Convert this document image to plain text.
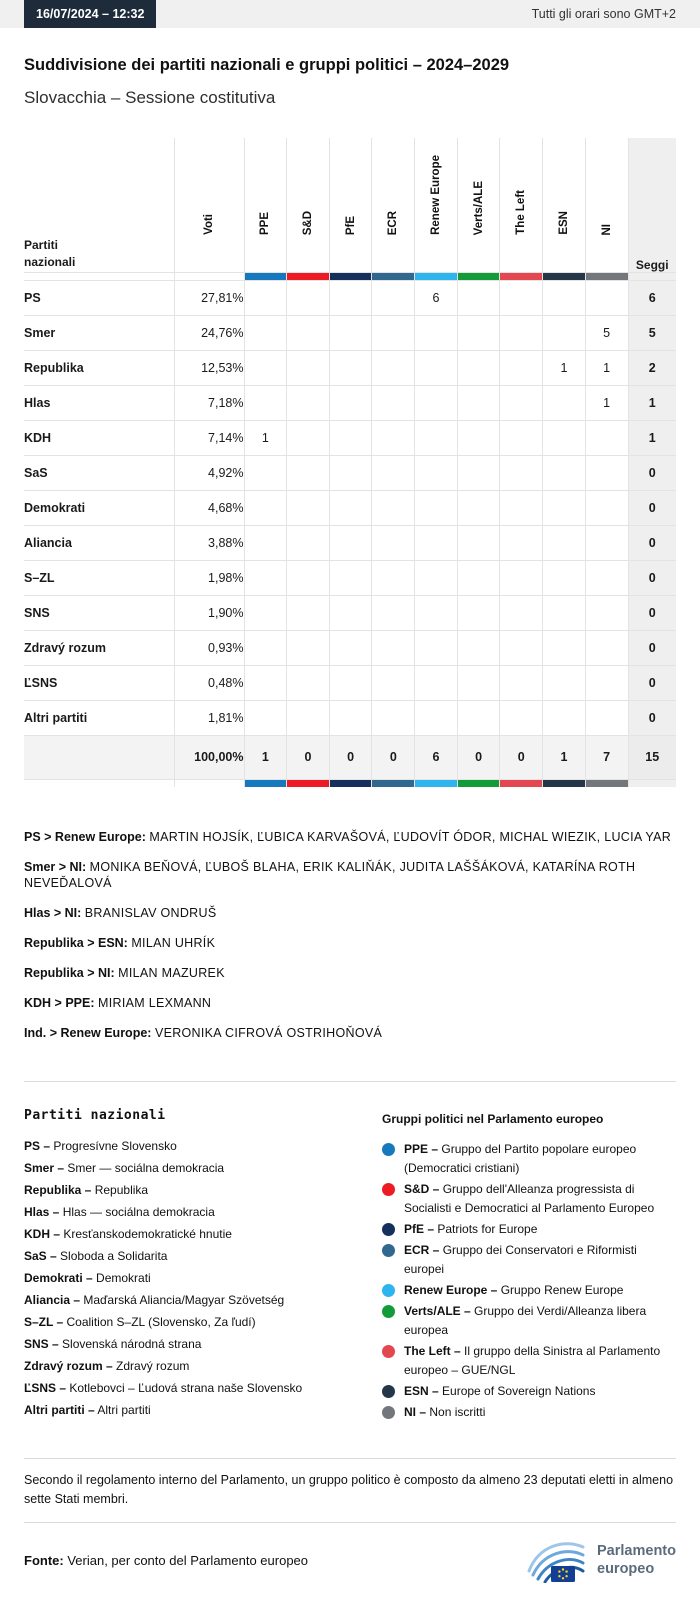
16/07/2024 – 12:32	Tutti gli orari sono GMT+2
Suddivisione dei partiti nazionali e gruppi politici – 2024–2029
Slovacchia – Sessione costitutiva
Partiti nazionali	Voti	PPE	S&D	PfE	ECR	Renew Europe	Verts/ALE	The Left	ESN	NI	Seggi

PS	27,81%					6					6
Smer	24,76%									5	5
Republika	12,53%								1	1	2
Hlas	7,18%									1	1
KDH	7,14%	1									1
SaS	4,92%										0
Demokrati	4,68%										0
Aliancia	3,88%										0
S–ZL	1,98%										0
SNS	1,90%										0
Zdravý rozum	0,93%										0
ĽSNS	0,48%										0
Altri partiti	1,81%										0
	100,00%	1	0	0	0	6	0	0	1	7	15

PS > Renew Europe: MARTIN HOJSÍK, ĽUBICA KARVAŠOVÁ, ĽUDOVÍT ÓDOR, MICHAL WIEZIK, LUCIA YAR
Smer > NI: MONIKA BEŇOVÁ, ĽUBOŠ BLAHA, ERIK KALIŇÁK, JUDITA LAŠŠÁKOVÁ, KATARÍNA ROTH NEVEĎALOVÁ
Hlas > NI: BRANISLAV ONDRUŠ
Republika > ESN: MILAN UHRÍK
Republika > NI: MILAN MAZUREK
KDH > PPE: MIRIAM LEXMANN
Ind. > Renew Europe: VERONIKA CIFROVÁ OSTRIHOŇOVÁ
Partiti nazionali
PS – Progresívne Slovensko
Smer – Smer — sociálna demokracia
Republika – Republika
Hlas – Hlas — sociálna demokracia
KDH – Kresťanskodemokratické hnutie
SaS – Sloboda a Solidarita
Demokrati – Demokrati
Aliancia – Maďarská Aliancia/Magyar Szövetség
S–ZL – Coalition S–ZL (Slovensko, Za ľudí)
SNS – Slovenská národná strana
Zdravý rozum – Zdravý rozum
ĽSNS – Kotlebovci – Ľudová strana naše Slovensko
Altri partiti – Altri partiti
Gruppi politici nel Parlamento europeo
PPE – Gruppo del Partito popolare europeo (Democratici cristiani)
S&D – Gruppo dell'Alleanza progressista di Socialisti e Democratici al Parlamento Europeo
PfE – Patriots for Europe
ECR – Gruppo dei Conservatori e Riformisti europei
Renew Europe – Gruppo Renew Europe
Verts/ALE – Gruppo dei Verdi/Alleanza libera europea
The Left – Il gruppo della Sinistra al Parlamento europeo – GUE/NGL
ESN – Europe of Sovereign Nations
NI – Non iscritti

Secondo il regolamento interno del Parlamento, un gruppo politico è composto da almeno 23 deputati eletti in almeno sette Stati membri.

Fonte: Verian, per conto del Parlamento europeo
Parlamento
europeo
